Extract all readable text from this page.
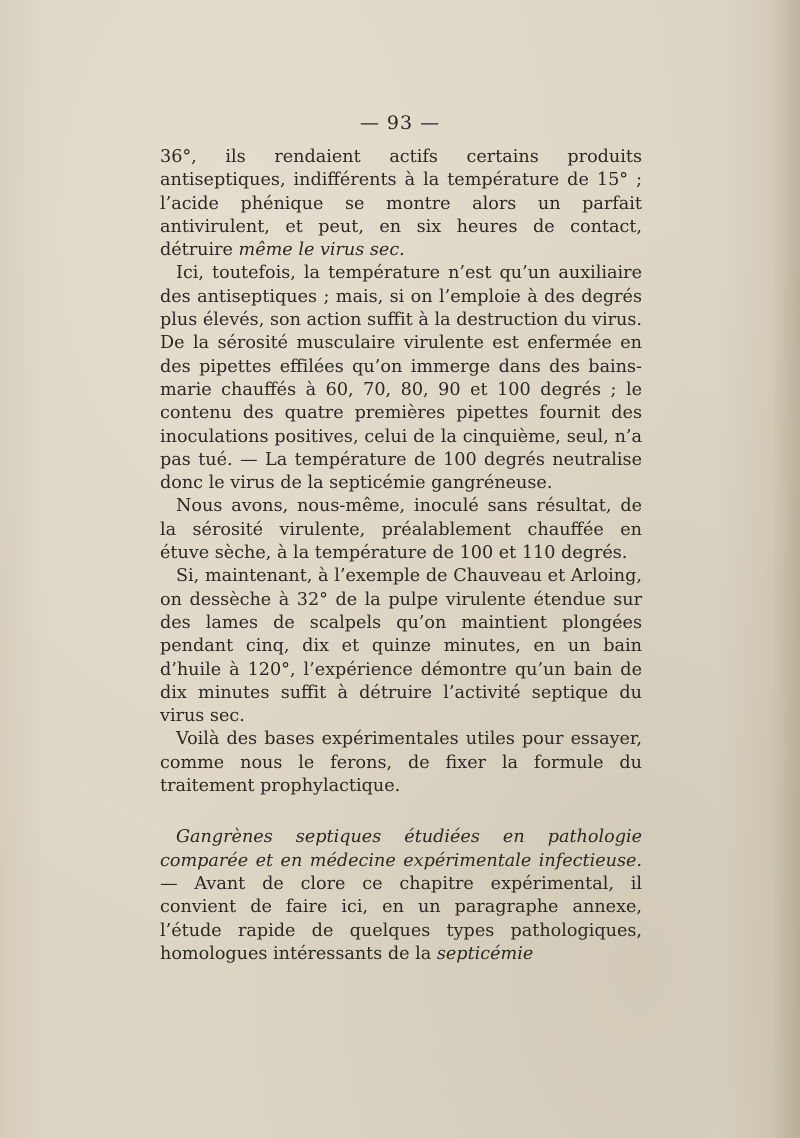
— 93 —

36°, ils rendaient actifs certains produits antiseptiques, indifférents à la température de 15° ; l’acide phénique se montre alors un parfait antivirulent, et peut, en six heures de contact, détruire même le virus sec.

Ici, toutefois, la température n’est qu’un auxiliaire des antiseptiques ; mais, si on l’emploie à des degrés plus élevés, son action suffit à la destruction du virus. De la sérosité musculaire virulente est enfermée en des pipettes effilées qu’on immerge dans des bains-marie chauffés à 60, 70, 80, 90 et 100 degrés ; le contenu des quatre premières pipettes fournit des inoculations positives, celui de la cinquième, seul, n’a pas tué. — La température de 100 degrés neutralise donc le virus de la septicémie gangréneuse.

Nous avons, nous-même, inoculé sans résultat, de la sérosité virulente, préalablement chauffée en étuve sèche, à la température de 100 et 110 degrés.

Si, maintenant, à l’exemple de Chauveau et Arloing, on dessèche à 32° de la pulpe virulente étendue sur des lames de scalpels qu’on maintient plongées pendant cinq, dix et quinze minutes, en un bain d’huile à 120°, l’expérience démontre qu’un bain de dix minutes suffit à détruire l’activité septique du virus sec.

Voilà des bases expérimentales utiles pour essayer, comme nous le ferons, de fixer la formule du traitement prophylactique.

Gangrènes septiques étudiées en pathologie comparée et en médecine expérimentale infectieuse. — Avant de clore ce chapitre expérimental, il convient de faire ici, en un paragraphe annexe, l’étude rapide de quelques types pathologiques, homologues intéressants de la septicémie
